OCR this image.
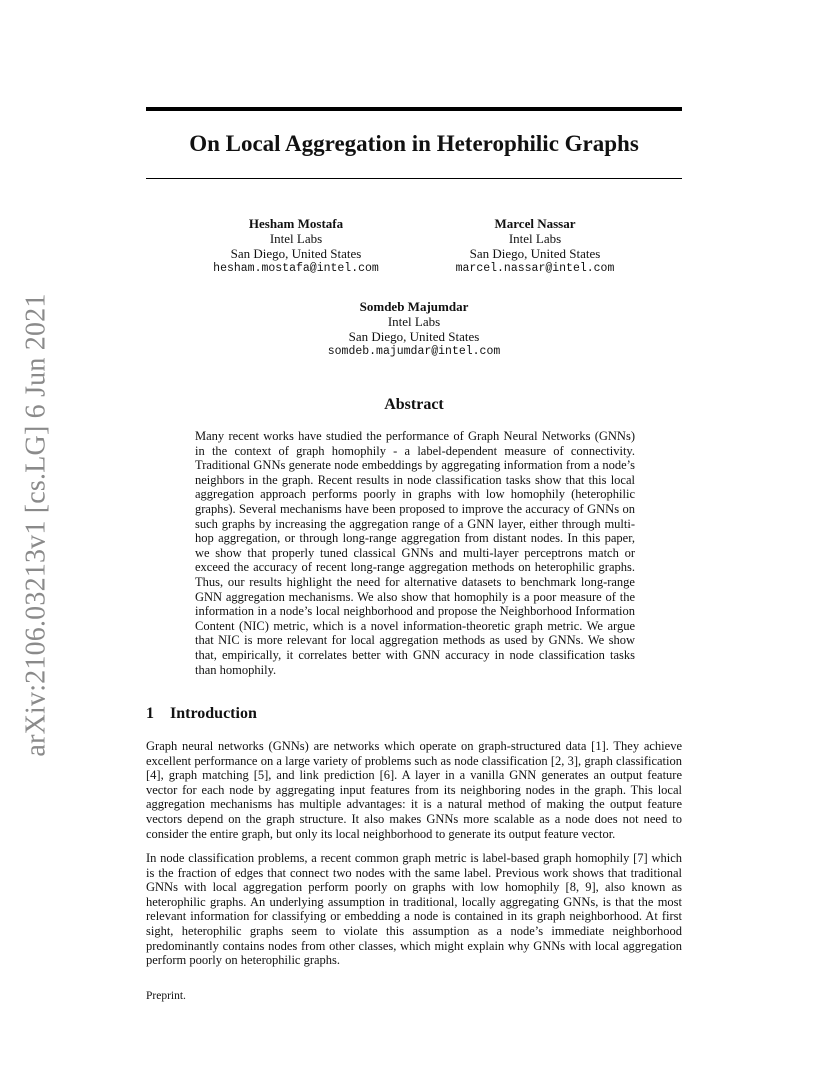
arXiv:2106.03213v1 [cs.LG] 6 Jun 2021
On Local Aggregation in Heterophilic Graphs
Hesham Mostafa
Intel Labs
San Diego, United States
hesham.mostafa@intel.com
Marcel Nassar
Intel Labs
San Diego, United States
marcel.nassar@intel.com
Somdeb Majumdar
Intel Labs
San Diego, United States
somdeb.majumdar@intel.com
Abstract

Many recent works have studied the performance of Graph Neural Networks (GNNs) in the context of graph homophily - a label-dependent measure of connectivity. Traditional GNNs generate node embeddings by aggregating information from a node’s neighbors in the graph. Recent results in node classification tasks show that this local aggregation approach performs poorly in graphs with low homophily (heterophilic graphs). Several mechanisms have been proposed to improve the accuracy of GNNs on such graphs by increasing the aggregation range of a GNN layer, either through multi-hop aggregation, or through long-range aggregation from distant nodes. In this paper, we show that properly tuned classical GNNs and multi-layer perceptrons match or exceed the accuracy of recent long-range aggregation methods on heterophilic graphs. Thus, our results highlight the need for alternative datasets to benchmark long-range GNN aggregation mechanisms. We also show that homophily is a poor measure of the information in a node’s local neighborhood and propose the Neighborhood Information Content (NIC) metric, which is a novel information-theoretic graph metric. We argue that NIC is more relevant for local aggregation methods as used by GNNs. We show that, empirically, it correlates better with GNN accuracy in node classification tasks than homophily.

1 Introduction

Graph neural networks (GNNs) are networks which operate on graph-structured data [1]. They achieve excellent performance on a large variety of problems such as node classification [2, 3], graph classification [4], graph matching [5], and link prediction [6]. A layer in a vanilla GNN generates an output feature vector for each node by aggregating input features from its neighboring nodes in the graph. This local aggregation mechanisms has multiple advantages: it is a natural method of making the output feature vectors depend on the graph structure. It also makes GNNs more scalable as a node does not need to consider the entire graph, but only its local neighborhood to generate its output feature vector.

In node classification problems, a recent common graph metric is label-based graph homophily [7] which is the fraction of edges that connect two nodes with the same label. Previous work shows that traditional GNNs with local aggregation perform poorly on graphs with low homophily [8, 9], also known as heterophilic graphs. An underlying assumption in traditional, locally aggregating GNNs, is that the most relevant information for classifying or embedding a node is contained in its graph neighborhood. At first sight, heterophilic graphs seem to violate this assumption as a node’s immediate neighborhood predominantly contains nodes from other classes, which might explain why GNNs with local aggregation perform poorly on heterophilic graphs.

Preprint.
